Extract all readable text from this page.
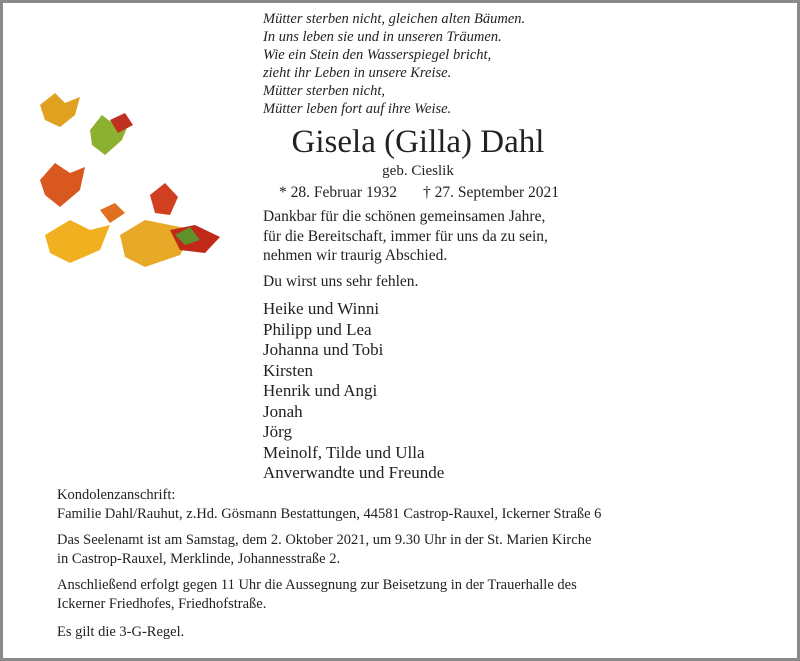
Mütter sterben nicht, gleichen alten Bäumen.
In uns leben sie und in unseren Träumen.
Wie ein Stein den Wasserspiegel bricht,
zieht ihr Leben in unsere Kreise.
Mütter sterben nicht,
Mütter leben fort auf ihre Weise.
Gisela (Gilla) Dahl
geb. Cieslik
* 28. Februar 1932 † 27. September 2021
Dankbar für die schönen gemeinsamen Jahre,
für die Bereitschaft, immer für uns da zu sein,
nehmen wir traurig Abschied.
Du wirst uns sehr fehlen.
Heike und Winni
Philipp und Lea
Johanna und Tobi
Kirsten
Henrik und Angi
Jonah
Jörg
Meinolf, Tilde und Ulla
Anverwandte und Freunde
Kondolenzanschrift:
Familie Dahl/Rauhut, z.Hd. Gösmann Bestattungen, 44581 Castrop-Rauxel, Ickerner Straße 6
Das Seelenamt ist am Samstag, dem 2. Oktober 2021, um 9.30 Uhr in der St. Marien Kirche
in Castrop-Rauxel, Merklinde, Johannesstraße 2.
Anschließend erfolgt gegen 11 Uhr die Aussegnung zur Beisetzung in der Trauerhalle des
Ickerner Friedhofes, Friedhofstraße.
Es gilt die 3-G-Regel.
